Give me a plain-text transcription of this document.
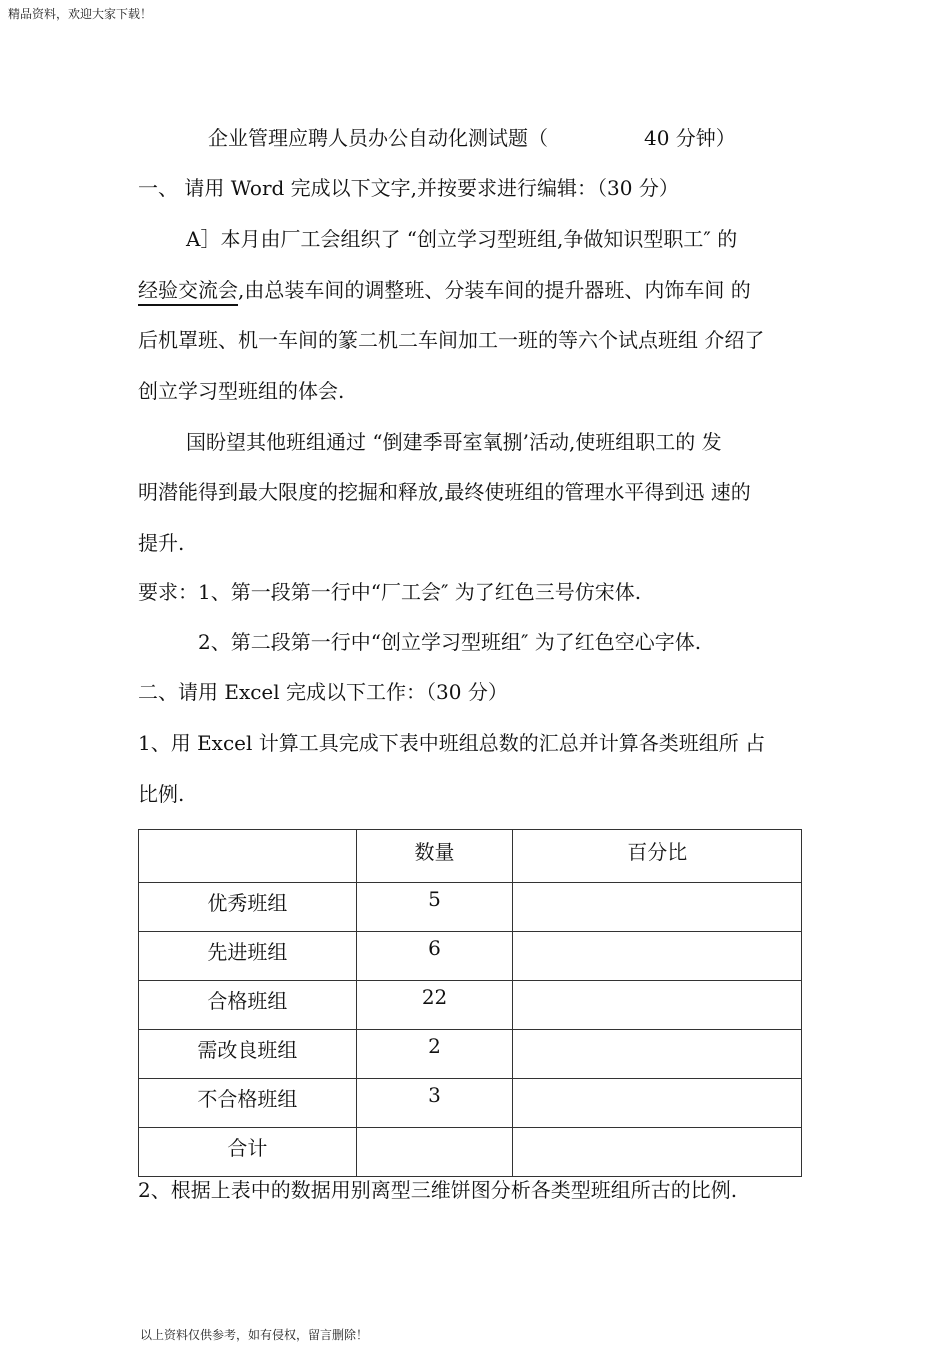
精品资料，欢迎大家下载！
企业管理应聘人员办公自动化测试题（	40 分钟）
一、 请用 Word 完成以下文字,并按要求进行编辑：（30 分）
A］本月由厂工会组织了 “创立学习型班组,争做知识型职工″ 的
经验交流会,由总装车间的调整班、分装车间的提升器班、内饰车间 的
后机罩班、机一车间的篆二机二车间加工一班的等六个试点班组 介绍了
创立学习型班组的体会.
国盼望其他班组通过 “倒建季哥室氧捌’活动,使班组职工的 发
明潜能得到最大限度的挖掘和释放,最终使班组的管理水平得到迅 速的
提升.
要求：1、第一段第一行中“厂工会″ 为了红色三号仿宋体.
2、第二段第一行中“创立学习型班组″ 为了红色空心字体.
二、请用 Excel 完成以下工作：（30 分）
1、用 Excel 计算工具完成下表中班组总数的汇总并计算各类班组所 占
比例.
	数量	百分比
优秀班组	5	
先进班组	6	
合格班组	22	
需改良班组	2	
不合格班组	3	
合计		
2、根据上表中的数据用别离型三维饼图分析各类型班组所古的比例.
以上资料仅供参考，如有侵权，留言删除！
